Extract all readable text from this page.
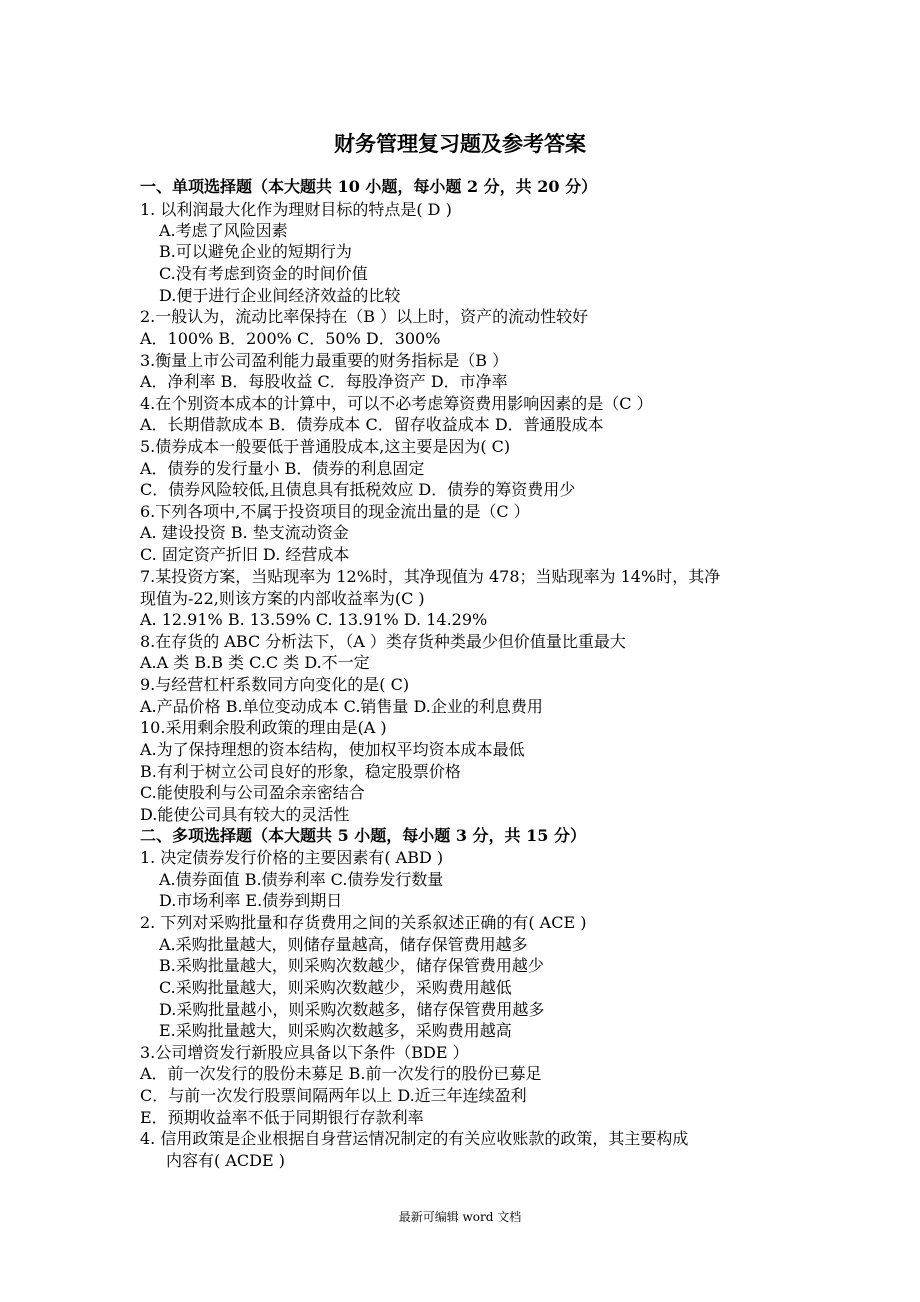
财务管理复习题及参考答案
一、单项选择题（本大题共 10 小题，每小题 2 分，共 20 分）
1. 以利润最大化作为理财目标的特点是( D )
A.考虑了风险因素
B.可以避免企业的短期行为
C.没有考虑到资金的时间价值
D.便于进行企业间经济效益的比较
2.一般认为，流动比率保持在（B ）以上时，资产的流动性较好
A．100% B．200% C．50% D．300%
3.衡量上市公司盈利能力最重要的财务指标是（B ）
A．净利率 B．每股收益 C．每股净资产 D．市净率
4.在个别资本成本的计算中，可以不必考虑筹资费用影响因素的是（C ）
A．长期借款成本 B．债券成本 C．留存收益成本 D．普通股成本
5.债券成本一般要低于普通股成本,这主要是因为( C)
A．债券的发行量小 B．债券的利息固定
C．债券风险较低,且债息具有抵税效应 D．债券的筹资费用少
6.下列各项中,不属于投资项目的现金流出量的是（C ）
A. 建设投资 B. 垫支流动资金
C. 固定资产折旧 D. 经营成本
7.某投资方案，当贴现率为 12%时，其净现值为 478；当贴现率为 14%时，其净
现值为-22,则该方案的内部收益率为(C )
A. 12.91% B. 13.59% C. 13.91% D. 14.29%
8.在存货的 ABC 分析法下，（A ）类存货种类最少但价值量比重最大
A.A 类 B.B 类 C.C 类 D.不一定
9.与经营杠杆系数同方向变化的是( C)
A.产品价格 B.单位变动成本 C.销售量 D.企业的利息费用
10.采用剩余股利政策的理由是(A )
A.为了保持理想的资本结构，使加权平均资本成本最低
B.有利于树立公司良好的形象，稳定股票价格
C.能使股利与公司盈余亲密结合
D.能使公司具有较大的灵活性
二、多项选择题（本大题共 5 小题，每小题 3 分，共 15 分）
1. 决定债券发行价格的主要因素有( ABD )
A.债券面值 B.债券利率 C.债券发行数量
D.市场利率 E.债券到期日
2. 下列对采购批量和存货费用之间的关系叙述正确的有( ACE )
A.采购批量越大，则储存量越高，储存保管费用越多
B.采购批量越大，则采购次数越少，储存保管费用越少
C.采购批量越大，则采购次数越少，采购费用越低
D.采购批量越小，则采购次数越多，储存保管费用越多
E.采购批量越大，则采购次数越多，采购费用越高
3.公司增资发行新股应具备以下条件（BDE ）
A．前一次发行的股份未募足 B.前一次发行的股份已募足
C．与前一次发行股票间隔两年以上 D.近三年连续盈利
E．预期收益率不低于同期银行存款利率
4. 信用政策是企业根据自身营运情况制定的有关应收账款的政策，其主要构成
内容有( ACDE )
最新可编辑 word 文档
